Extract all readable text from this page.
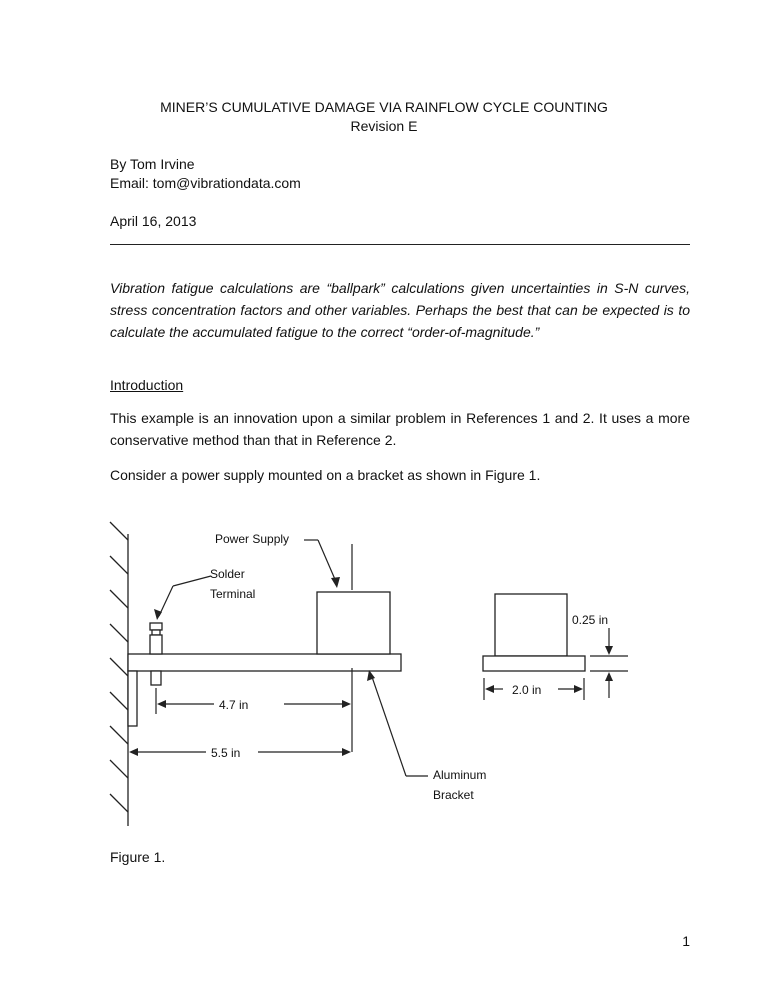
MINER’S CUMULATIVE DAMAGE VIA RAINFLOW CYCLE COUNTING

Revision E

By Tom Irvine

Email: tom@vibrationdata.com

April 16, 2013

Vibration fatigue calculations are “ballpark” calculations given uncertainties in S-N curves, stress concentration factors and other variables. Perhaps the best that can be expected is to calculate the accumulated fatigue to the correct “order-of-magnitude.”

Introduction

This example is an innovation upon a similar problem in References 1 and 2. It uses a more conservative method than that in Reference 2.

Consider a power supply mounted on a bracket as shown in Figure 1.

Power Supply
Solder
Terminal
0.25 in
2.0 in
4.7 in
5.5 in
Aluminum
Bracket

Figure 1.

1
